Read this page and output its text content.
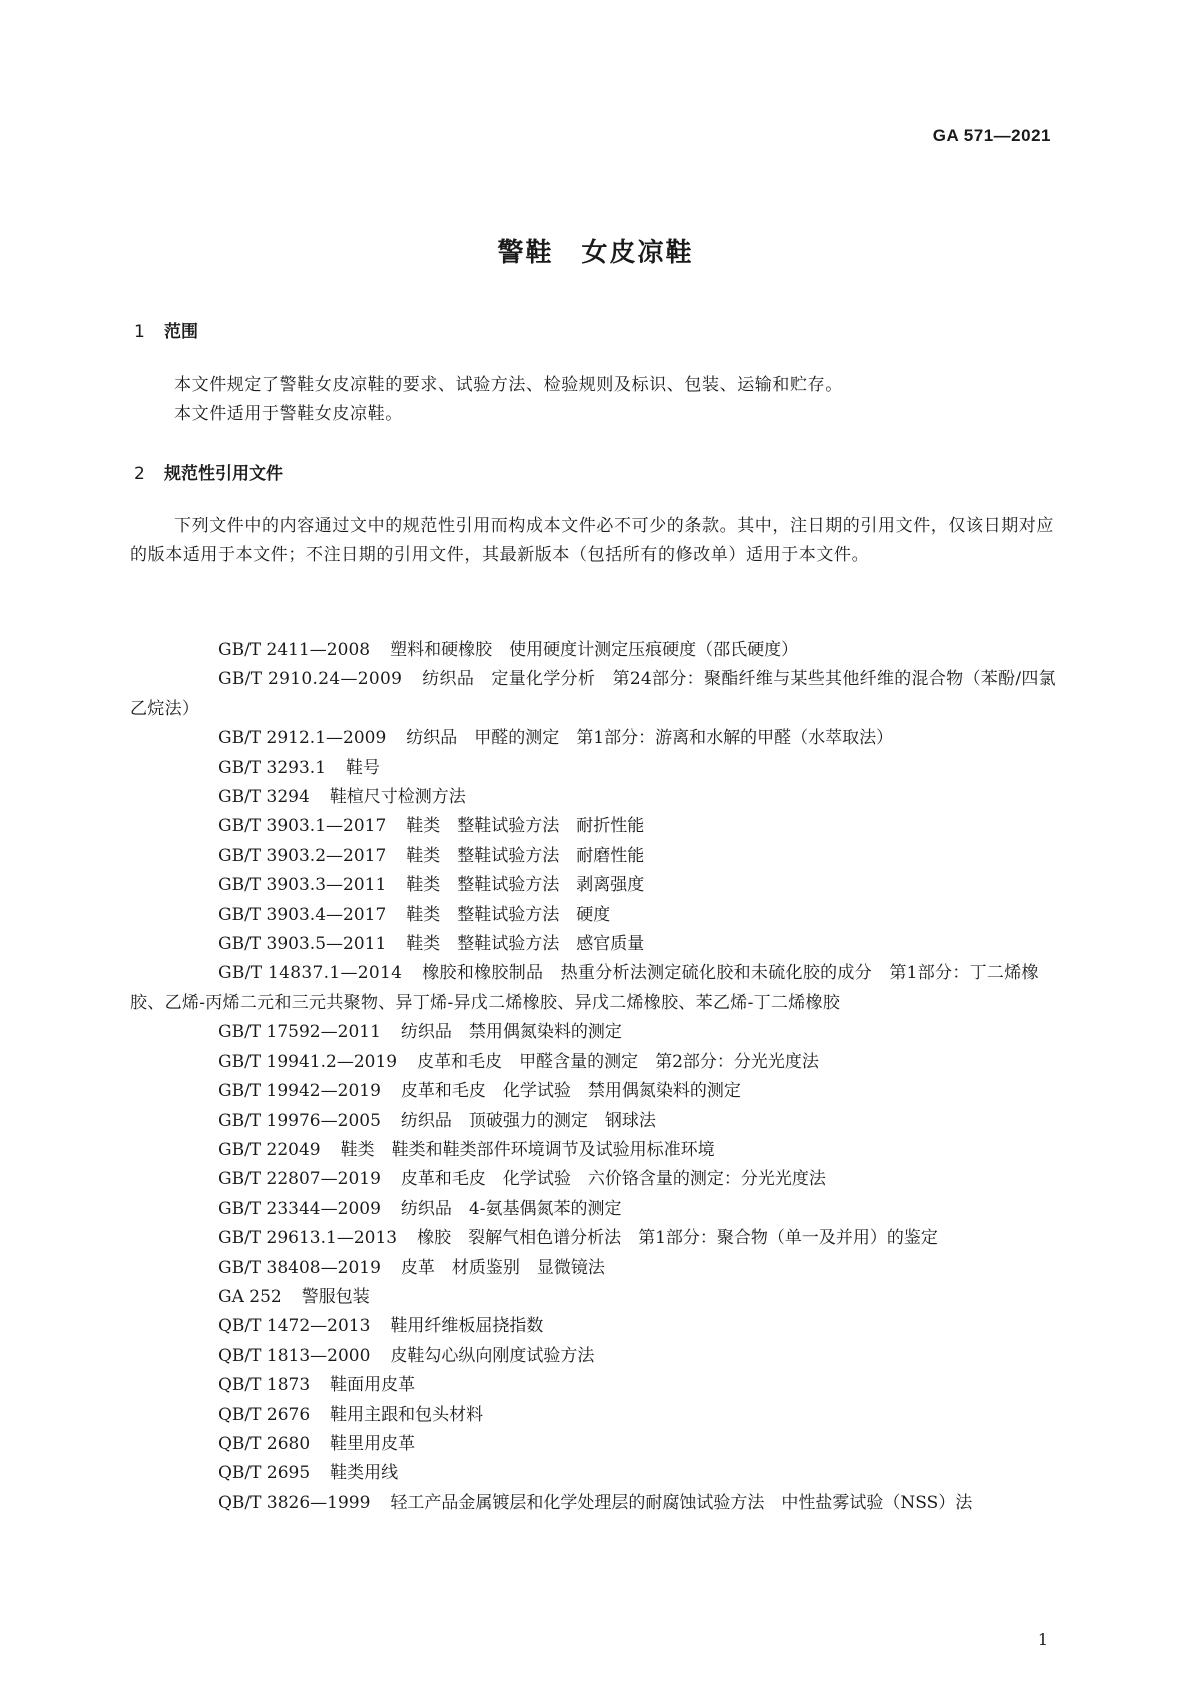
GA 571—2021
警鞋 女皮凉鞋
1 范围

本文件规定了警鞋女皮凉鞋的要求、试验方法、检验规则及标识、包装、运输和贮存。

本文件适用于警鞋女皮凉鞋。

2 规范性引用文件

下列文件中的内容通过文中的规范性引用而构成本文件必不可少的条款。其中，注日期的引用文件，仅该日期对应的版本适用于本文件；不注日期的引用文件，其最新版本（包括所有的修改单）适用于本文件。

GB/T 2411—2008 塑料和硬橡胶　使用硬度计测定压痕硬度（邵氏硬度）

GB/T 2910.24—2009 纺织品　定量化学分析　第24部分：聚酯纤维与某些其他纤维的混合物（苯酚/四氯乙烷法）

GB/T 2912.1—2009 纺织品　甲醛的测定　第1部分：游离和水解的甲醛（水萃取法）

GB/T 3293.1 鞋号

GB/T 3294 鞋楦尺寸检测方法

GB/T 3903.1—2017 鞋类　整鞋试验方法　耐折性能

GB/T 3903.2—2017 鞋类　整鞋试验方法　耐磨性能

GB/T 3903.3—2011 鞋类　整鞋试验方法　剥离强度

GB/T 3903.4—2017 鞋类　整鞋试验方法　硬度

GB/T 3903.5—2011 鞋类　整鞋试验方法　感官质量

GB/T 14837.1—2014 橡胶和橡胶制品　热重分析法测定硫化胶和未硫化胶的成分　第1部分：丁二烯橡胶、乙烯-丙烯二元和三元共聚物、异丁烯-异戊二烯橡胶、异戊二烯橡胶、苯乙烯-丁二烯橡胶

GB/T 17592—2011 纺织品　禁用偶氮染料的测定

GB/T 19941.2—2019 皮革和毛皮　甲醛含量的测定　第2部分：分光光度法

GB/T 19942—2019 皮革和毛皮　化学试验　禁用偶氮染料的测定

GB/T 19976—2005 纺织品　顶破强力的测定　钢球法

GB/T 22049 鞋类　鞋类和鞋类部件环境调节及试验用标准环境

GB/T 22807—2019 皮革和毛皮　化学试验　六价铬含量的测定：分光光度法

GB/T 23344—2009 纺织品　4-氨基偶氮苯的测定

GB/T 29613.1—2013 橡胶　裂解气相色谱分析法　第1部分：聚合物（单一及并用）的鉴定

GB/T 38408—2019 皮革　材质鉴别　显微镜法

GA 252 警服包装

QB/T 1472—2013 鞋用纤维板屈挠指数

QB/T 1813—2000 皮鞋勾心纵向刚度试验方法

QB/T 1873 鞋面用皮革

QB/T 2676 鞋用主跟和包头材料

QB/T 2680 鞋里用皮革

QB/T 2695 鞋类用线

QB/T 3826—1999 轻工产品金属镀层和化学处理层的耐腐蚀试验方法　中性盐雾试验（NSS）法

1
